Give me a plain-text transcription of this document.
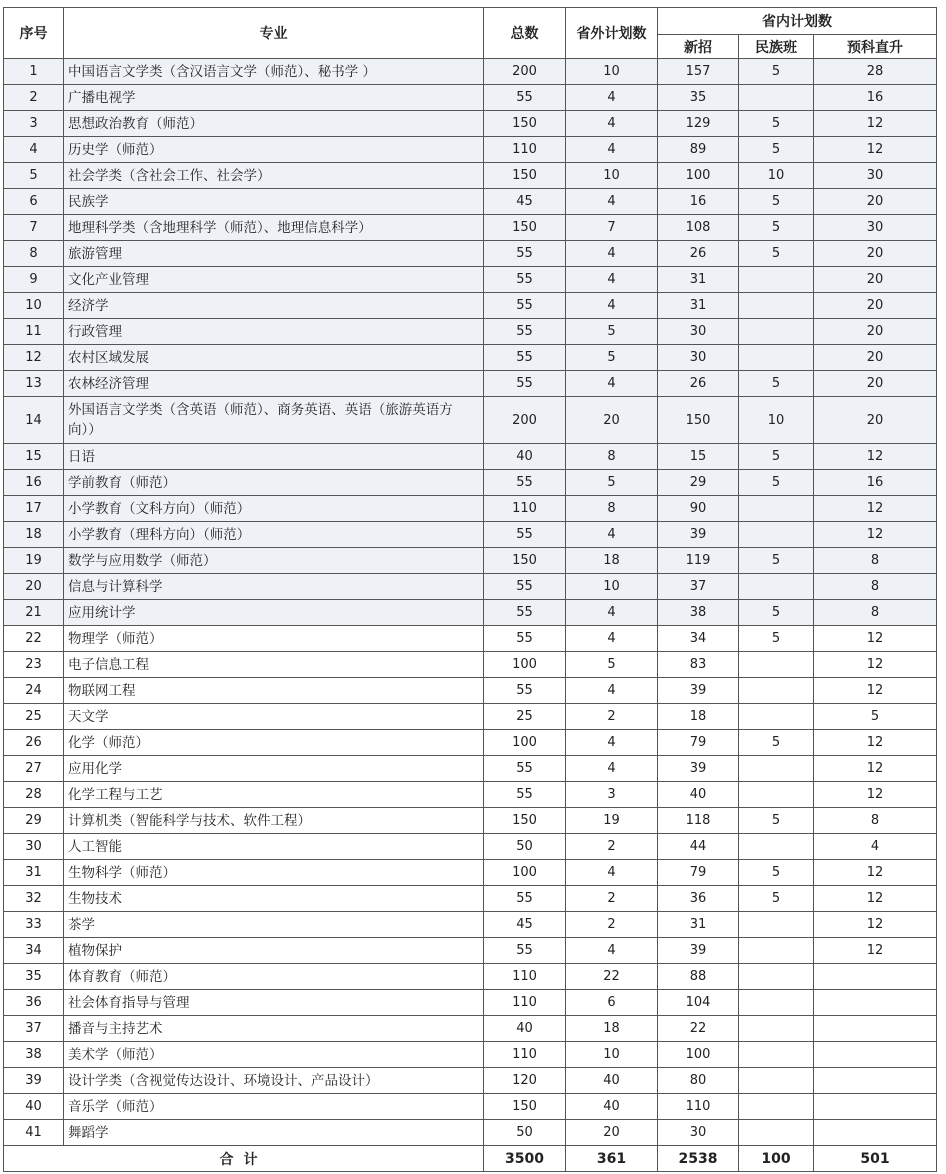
序号	专业	总数	省外计划数	省内计划数		
				新招	民族班	预科直升
1	中国语言文学类（含汉语言文学（师范）、秘书学 ）	200	10	157	5	28
2	广播电视学	55	4	35		16
3	思想政治教育（师范）	150	4	129	5	12
4	历史学（师范）	110	4	89	5	12
5	社会学类（含社会工作、社会学）	150	10	100	10	30
6	民族学	45	4	16	5	20
7	地理科学类（含地理科学（师范）、地理信息科学）	150	7	108	5	30
8	旅游管理	55	4	26	5	20
9	文化产业管理	55	4	31		20
10	经济学	55	4	31		20
11	行政管理	55	5	30		20
12	农村区域发展	55	5	30		20
13	农林经济管理	55	4	26	5	20
14	外国语言文学类（含英语（师范）、商务英语、英语（旅游英语方向））	200	20	150	10	20
15	日语	40	8	15	5	12
16	学前教育（师范）	55	5	29	5	16
17	小学教育（文科方向）（师范）	110	8	90		12
18	小学教育（理科方向）（师范）	55	4	39		12
19	数学与应用数学（师范）	150	18	119	5	8
20	信息与计算科学	55	10	37		8
21	应用统计学	55	4	38	5	8
22	物理学（师范）	55	4	34	5	12
23	电子信息工程	100	5	83		12
24	物联网工程	55	4	39		12
25	天文学	25	2	18		5
26	化学（师范）	100	4	79	5	12
27	应用化学	55	4	39		12
28	化学工程与工艺	55	3	40		12
29	计算机类（智能科学与技术、软件工程）	150	19	118	5	8
30	人工智能	50	2	44		4
31	生物科学（师范）	100	4	79	5	12
32	生物技术	55	2	36	5	12
33	茶学	45	2	31		12
34	植物保护	55	4	39		12
35	体育教育（师范）	110	22	88		
36	社会体育指导与管理	110	6	104		
37	播音与主持艺术	40	18	22		
38	美术学（师范）	110	10	100		
39	设计学类（含视觉传达设计、环境设计、产品设计）	120	40	80		
40	音乐学（师范）	150	40	110		
41	舞蹈学	50	20	30		
合计		3500	361	2538	100	501
